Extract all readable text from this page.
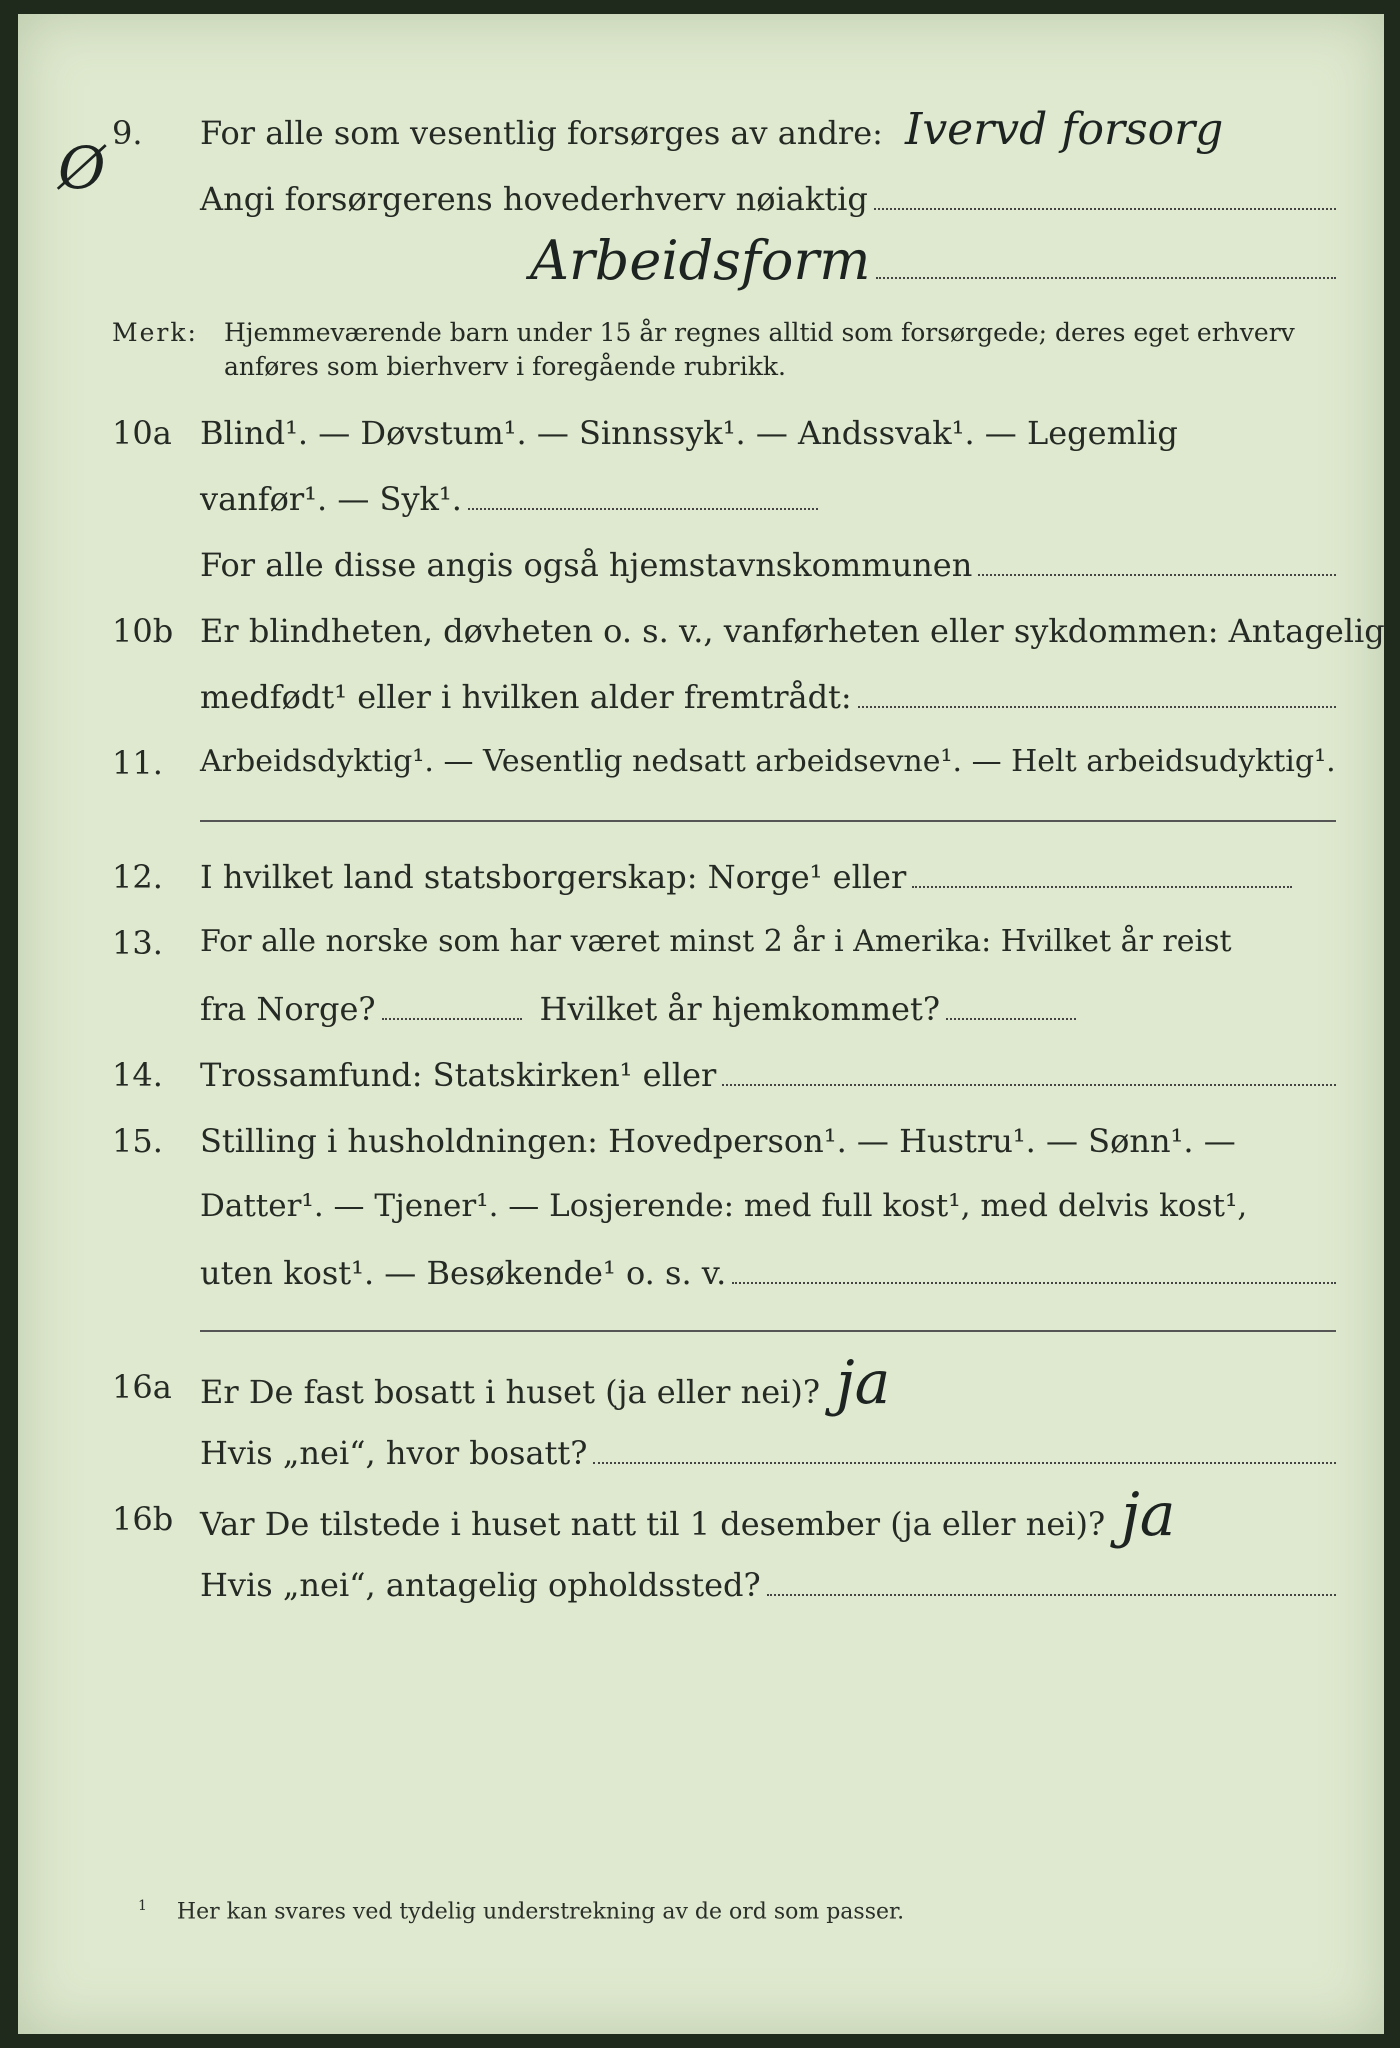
Ø
9.	For alle som vesentlig forsørges av andre: Ivervd forsorg
Angi forsørgerens hovederhverv nøiaktig
Arbeidsform
Merk: Hjemmeværende barn under 15 år regnes alltid som forsørgede; deres eget erhverv anføres som bierhverv i foregående rubrikk.
10a Blind¹. — Døvstum¹. — Sinnssyk¹. — Andssvak¹. — Legemlig
vanfør¹. — Syk¹.
For alle disse angis også hjemstavnskommunen
10b Er blindheten, døvheten o. s. v., vanførheten eller sykdommen: Antagelig
medfødt¹ eller i hvilken alder fremtrådt:
11.	Arbeidsdyktig¹. — Vesentlig nedsatt arbeidsevne¹. — Helt arbeidsudyktig¹.
12.	I hvilket land statsborgerskap: Norge¹ eller
13.	For alle norske som har været minst 2 år i Amerika: Hvilket år reist
fra Norge?	Hvilket år hjemkommet?
14.	Trossamfund: Statskirken¹ eller
15.	Stilling i husholdningen: Hovedperson¹. — Hustru¹. — Sønn¹. —
Datter¹. — Tjener¹. — Losjerende: med full kost¹, med delvis kost¹,
uten kost¹. — Besøkende¹ o. s. v.
16a Er De fast bosatt i huset (ja eller nei)? ja
Hvis „nei“, hvor bosatt?
16b Var De tilstede i huset natt til 1 desember (ja eller nei)? ja
Hvis „nei“, antagelig opholdssted?
$^1$ Her kan svares ved tydelig understrekning av de ord som passer.
